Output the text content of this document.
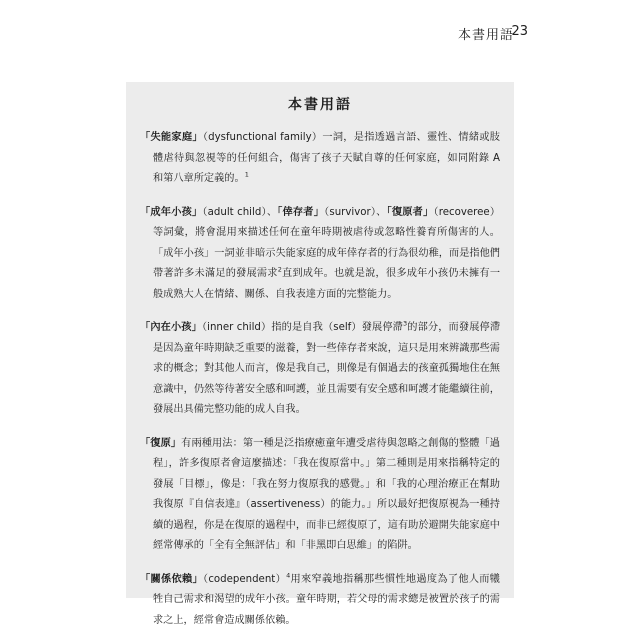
本書用語
23
本書用語

「失能家庭」（dysfunctional family）一詞，是指透過言語、靈性、情緒或肢體虐待與忽視等的任何組合，傷害了孩子天賦自尊的任何家庭，如同附錄 A 和第八章所定義的。$^1$

「成年小孩」（adult child）、「倖存者」（survivor）、「復原者」（recoveree）等詞彙，將會混用來描述任何在童年時期被虐待或忽略性養育所傷害的人。「成年小孩」一詞並非暗示失能家庭的成年倖存者的行為很幼稚，而是指他們帶著許多未滿足的發展需求$^2$直到成年。也就是說，很多成年小孩仍未擁有一般成熟大人在情緒、關係、自我表達方面的完整能力。

「內在小孩」（inner child）指的是自我（self）發展停滯$^3$的部分，而發展停滯是因為童年時期缺乏重要的滋養，對一些倖存者來說，這只是用來辨識那些需求的概念；對其他人而言，像是我自己，則像是有個過去的孩童孤獨地住在無意識中，仍然等待著安全感和呵護，並且需要有安全感和呵護才能繼續往前，發展出具備完整功能的成人自我。

「復原」有兩種用法：第一種是泛指療癒童年遭受虐待與忽略之創傷的整體「過程」，許多復原者會這麼描述：「我在復原當中。」第二種則是用來指稱特定的發展「目標」，像是：「我在努力復原我的感覺。」和「我的心理治療正在幫助我復原『自信表達』（assertiveness）的能力。」所以最好把復原視為一種持續的過程，你是在復原的過程中，而非已經復原了，這有助於避開失能家庭中經常傳承的「全有全無評估」和「非黑即白思維」的陷阱。

「關係依賴」（codependent）$^4$用來窄義地指稱那些慣性地過度為了他人而犧牲自己需求和渴望的成年小孩。童年時期，若父母的需求總是被置於孩子的需求之上，經常會造成關係依賴。
